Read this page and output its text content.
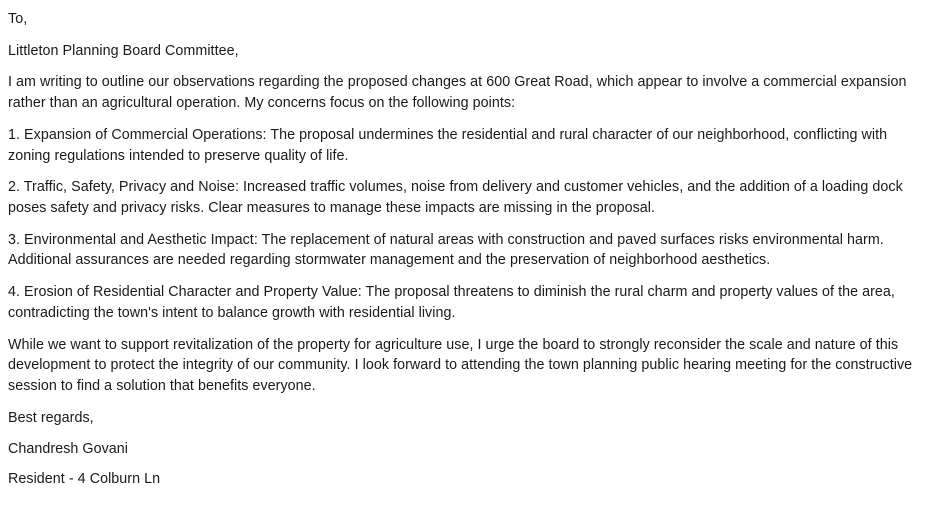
To,

Littleton Planning Board Committee,

I am writing to outline our observations regarding the proposed changes at 600 Great Road, which appear to involve a commercial expansion rather than an agricultural operation. My concerns focus on the following points:

1. Expansion of Commercial Operations: The proposal undermines the residential and rural character of our neighborhood, conflicting with zoning regulations intended to preserve quality of life.

2. Traffic, Safety, Privacy and Noise: Increased traffic volumes, noise from delivery and customer vehicles, and the addition of a loading dock poses safety and privacy risks. Clear measures to manage these impacts are missing in the proposal.

3. Environmental and Aesthetic Impact: The replacement of natural areas with construction and paved surfaces risks environmental harm. Additional assurances are needed regarding stormwater management and the preservation of neighborhood aesthetics.

4. Erosion of Residential Character and Property Value: The proposal threatens to diminish the rural charm and property values of the area, contradicting the town's intent to balance growth with residential living.

While we want to support revitalization of the property for agriculture use, I urge the board to strongly reconsider the scale and nature of this development to protect the integrity of our community. I look forward to attending the town planning public hearing meeting for the constructive session to find a solution that benefits everyone.

Best regards,

Chandresh Govani

Resident - 4 Colburn Ln
